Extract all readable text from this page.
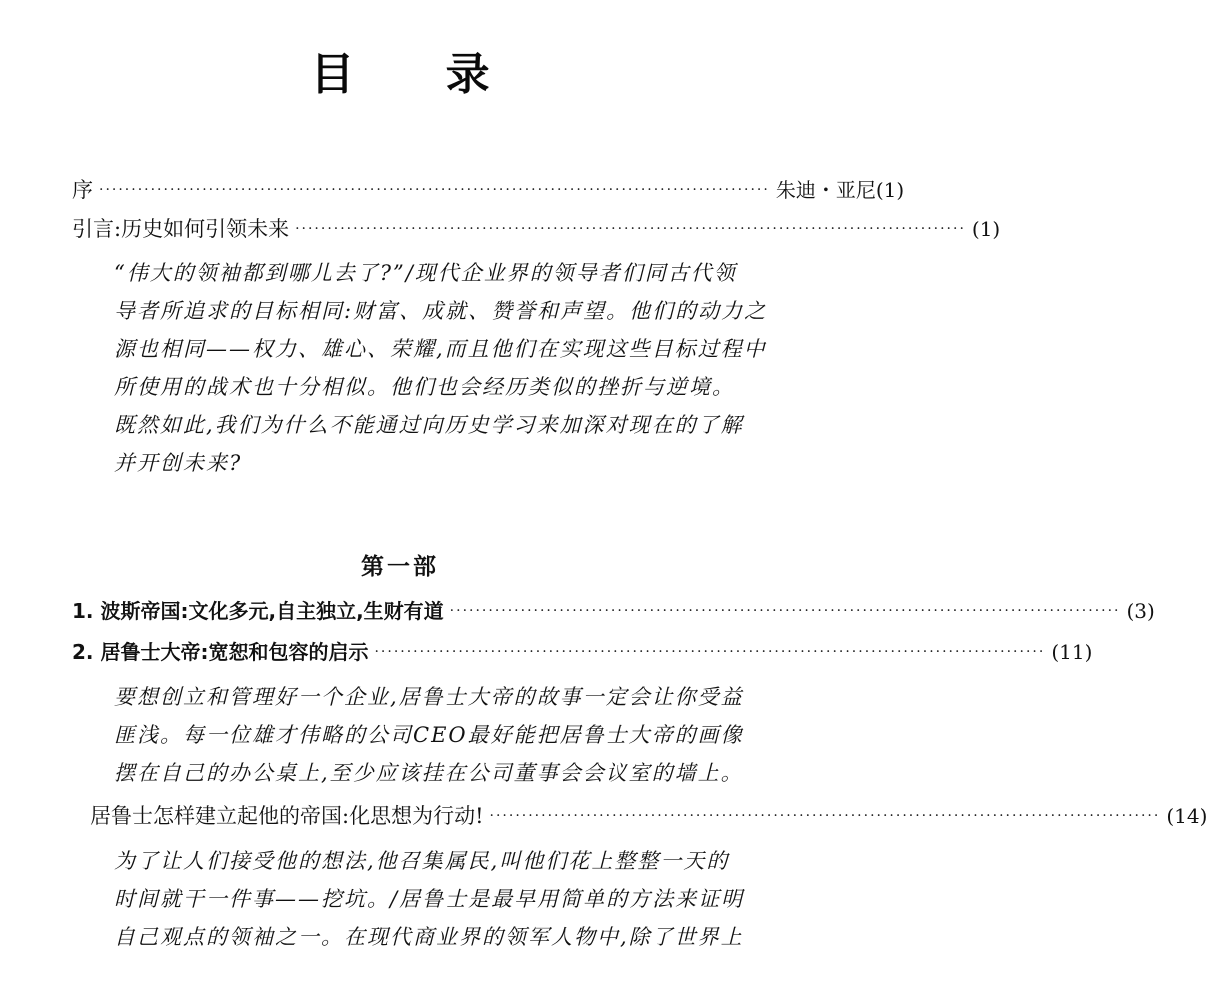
目 录
序 ········································································································ 朱迪・亚尼(1)
引言:历史如何引领未来 ········································································································ (1)

“伟大的领袖都到哪儿去了?”/现代企业界的领导者们同古代领

导者所追求的目标相同:财富、成就、赞誉和声望。他们的动力之

源也相同——权力、雄心、荣耀,而且他们在实现这些目标过程中

所使用的战术也十分相似。他们也会经历类似的挫折与逆境。

既然如此,我们为什么不能通过向历史学习来加深对现在的了解

并开创未来?

第一部
1. 波斯帝国:文化多元,自主独立,生财有道 ········································································································ (3)
2. 居鲁士大帝:宽恕和包容的启示 ········································································································ (11)

要想创立和管理好一个企业,居鲁士大帝的故事一定会让你受益

匪浅。每一位雄才伟略的公司CEO最好能把居鲁士大帝的画像

摆在自己的办公桌上,至少应该挂在公司董事会会议室的墙上。

居鲁士怎样建立起他的帝国:化思想为行动! ········································································································ (14)

为了让人们接受他的想法,他召集属民,叫他们花上整整一天的

时间就干一件事——挖坑。/居鲁士是最早用简单的方法来证明

自己观点的领袖之一。在现代商业界的领军人物中,除了世界上
